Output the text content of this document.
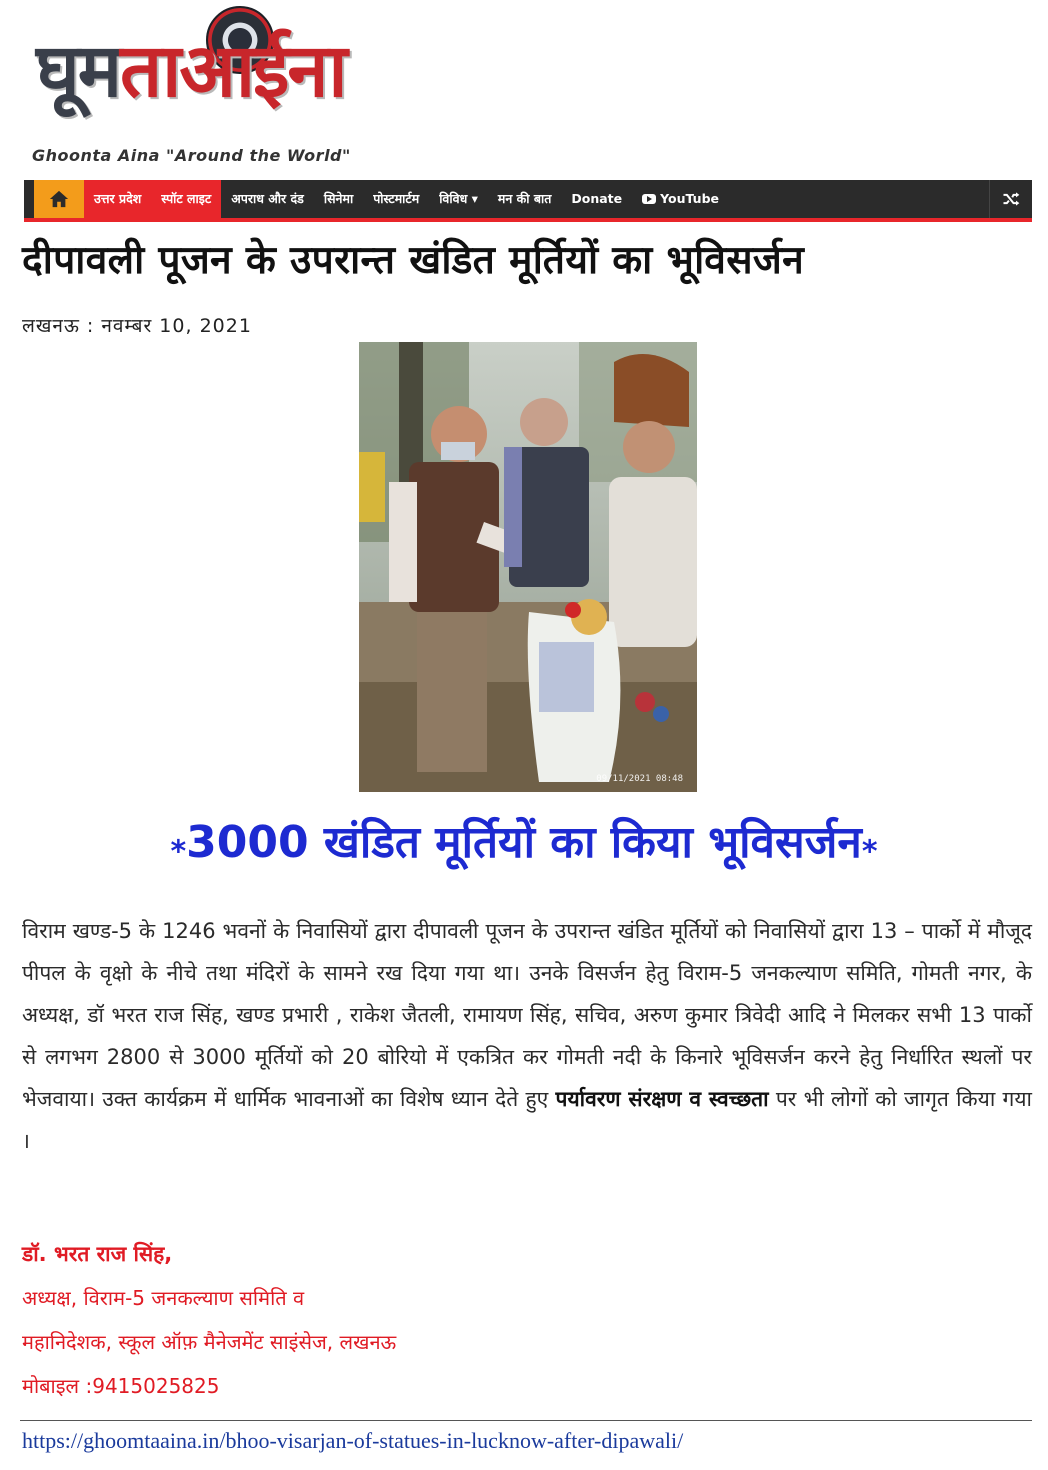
घूमताआईना
Ghoonta Aina "Around the World"
उत्तर प्रदेश	स्पॉट लाइट	अपराध और दंड	सिनेमा	पोस्टमार्टम	विविध ▾	मन की बात	Donate	YouTube
दीपावली पूजन के उपरान्त खंडित मूर्तियों का भूविसर्जन
लखनऊ : नवम्बर 10, 2021
09/11/2021 08:48
⁎3000 खंडित मूर्तियों का किया भूविसर्जन⁎

विराम खण्ड-5 के 1246 भवनों के निवासियों द्वारा दीपावली पूजन के उपरान्त खंडित मूर्तियों को निवासियों द्वारा 13 – पार्को में मौजूद पीपल के वृक्षो के नीचे तथा मंदिरों के सामने रख दिया गया था। उनके विसर्जन हेतु विराम-5 जनकल्याण समिति, गोमती नगर, के अध्यक्ष, डॉ भरत राज सिंह, खण्ड प्रभारी , राकेश जैतली, रामायण सिंह, सचिव, अरुण कुमार त्रिवेदी आदि ने मिलकर सभी 13 पार्को से लगभग 2800 से 3000 मूर्तियों को 20 बोरियो में एकत्रित कर गोमती नदी के किनारे भूविसर्जन करने हेतु निर्धारित स्थलों पर भेजवाया। उक्त कार्यक्रम में धार्मिक भावनाओं का विशेष ध्यान देते हुए पर्यावरण संरक्षण व स्वच्छता पर भी लोगों को जागृत किया गया ।

डॉ. भरत राज सिंह,
अध्यक्ष, विराम-5 जनकल्याण समिति व
महानिदेशक, स्कूल ऑफ़ मैनेजमेंट साइंसेज, लखनऊ
मोबाइल :9415025825
https://ghoomtaaina.in/bhoo-visarjan-of-statues-in-lucknow-after-dipawali/
